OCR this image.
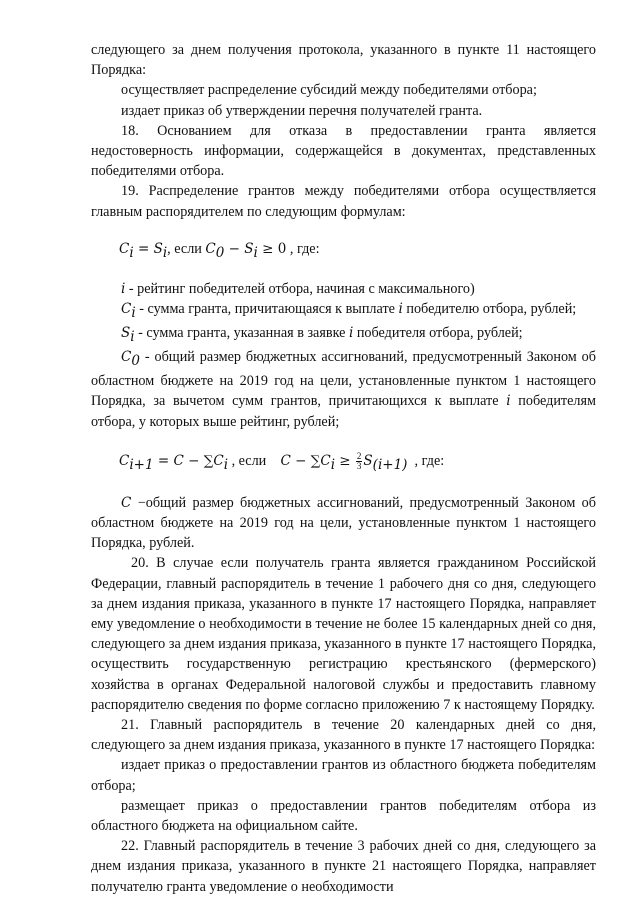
следующего за днем получения протокола, указанного в пункте 11 настоящего Порядка:

осуществляет распределение субсидий между победителями отбора;

издает приказ об утверждении перечня получателей гранта.

18. Основанием для отказа в предоставлении гранта является недостоверность информации, содержащейся в документах, представленных победителями отбора.

19. Распределение грантов между победителями отбора осуществляется главным распорядителем по следующим формулам:

$C_i = S_i$, если $C_0 - S_i \ge 0$ , где:

i - рейтинг победителей отбора, начиная с максимального)

$C_i$ - сумма гранта, причитающаяся к выплате i победителю отбора, рублей;

$S_i$ - сумма гранта, указанная в заявке i победителя отбора, рублей;

$C_0$ - общий размер бюджетных ассигнований, предусмотренный Законом об областном бюджете на 2019 год на цели, установленные пунктом 1 настоящего Порядка, за вычетом сумм грантов, причитающихся к выплате i победителям отбора, у которых выше рейтинг, рублей;

$C_{i+1} = C - \sum C_i$ , если $C - \sum C_i \ge \frac{2}{3} S_{(i+1)}$ , где:

C −общий размер бюджетных ассигнований, предусмотренный Законом об областном бюджете на 2019 год на цели, установленные пунктом 1 настоящего Порядка, рублей.

20. В случае если получатель гранта является гражданином Российской Федерации, главный распорядитель в течение 1 рабочего дня со дня, следующего за днем издания приказа, указанного в пункте 17 настоящего Порядка, направляет ему уведомление о необходимости в течение не более 15 календарных дней со дня, следующего за днем издания приказа, указанного в пункте 17 настоящего Порядка, осуществить государственную регистрацию крестьянского (фермерского) хозяйства в органах Федеральной налоговой службы и предоставить главному распорядителю сведения по форме согласно приложению 7 к настоящему Порядку.

21. Главный распорядитель в течение 20 календарных дней со дня, следующего за днем издания приказа, указанного в пункте 17 настоящего Порядка:

издает приказ о предоставлении грантов из областного бюджета победителям отбора;

размещает приказ о предоставлении грантов победителям отбора из областного бюджета на официальном сайте.

22. Главный распорядитель в течение 3 рабочих дней со дня, следующего за днем издания приказа, указанного в пункте 21 настоящего Порядка, направляет получателю гранта уведомление о необходимости
